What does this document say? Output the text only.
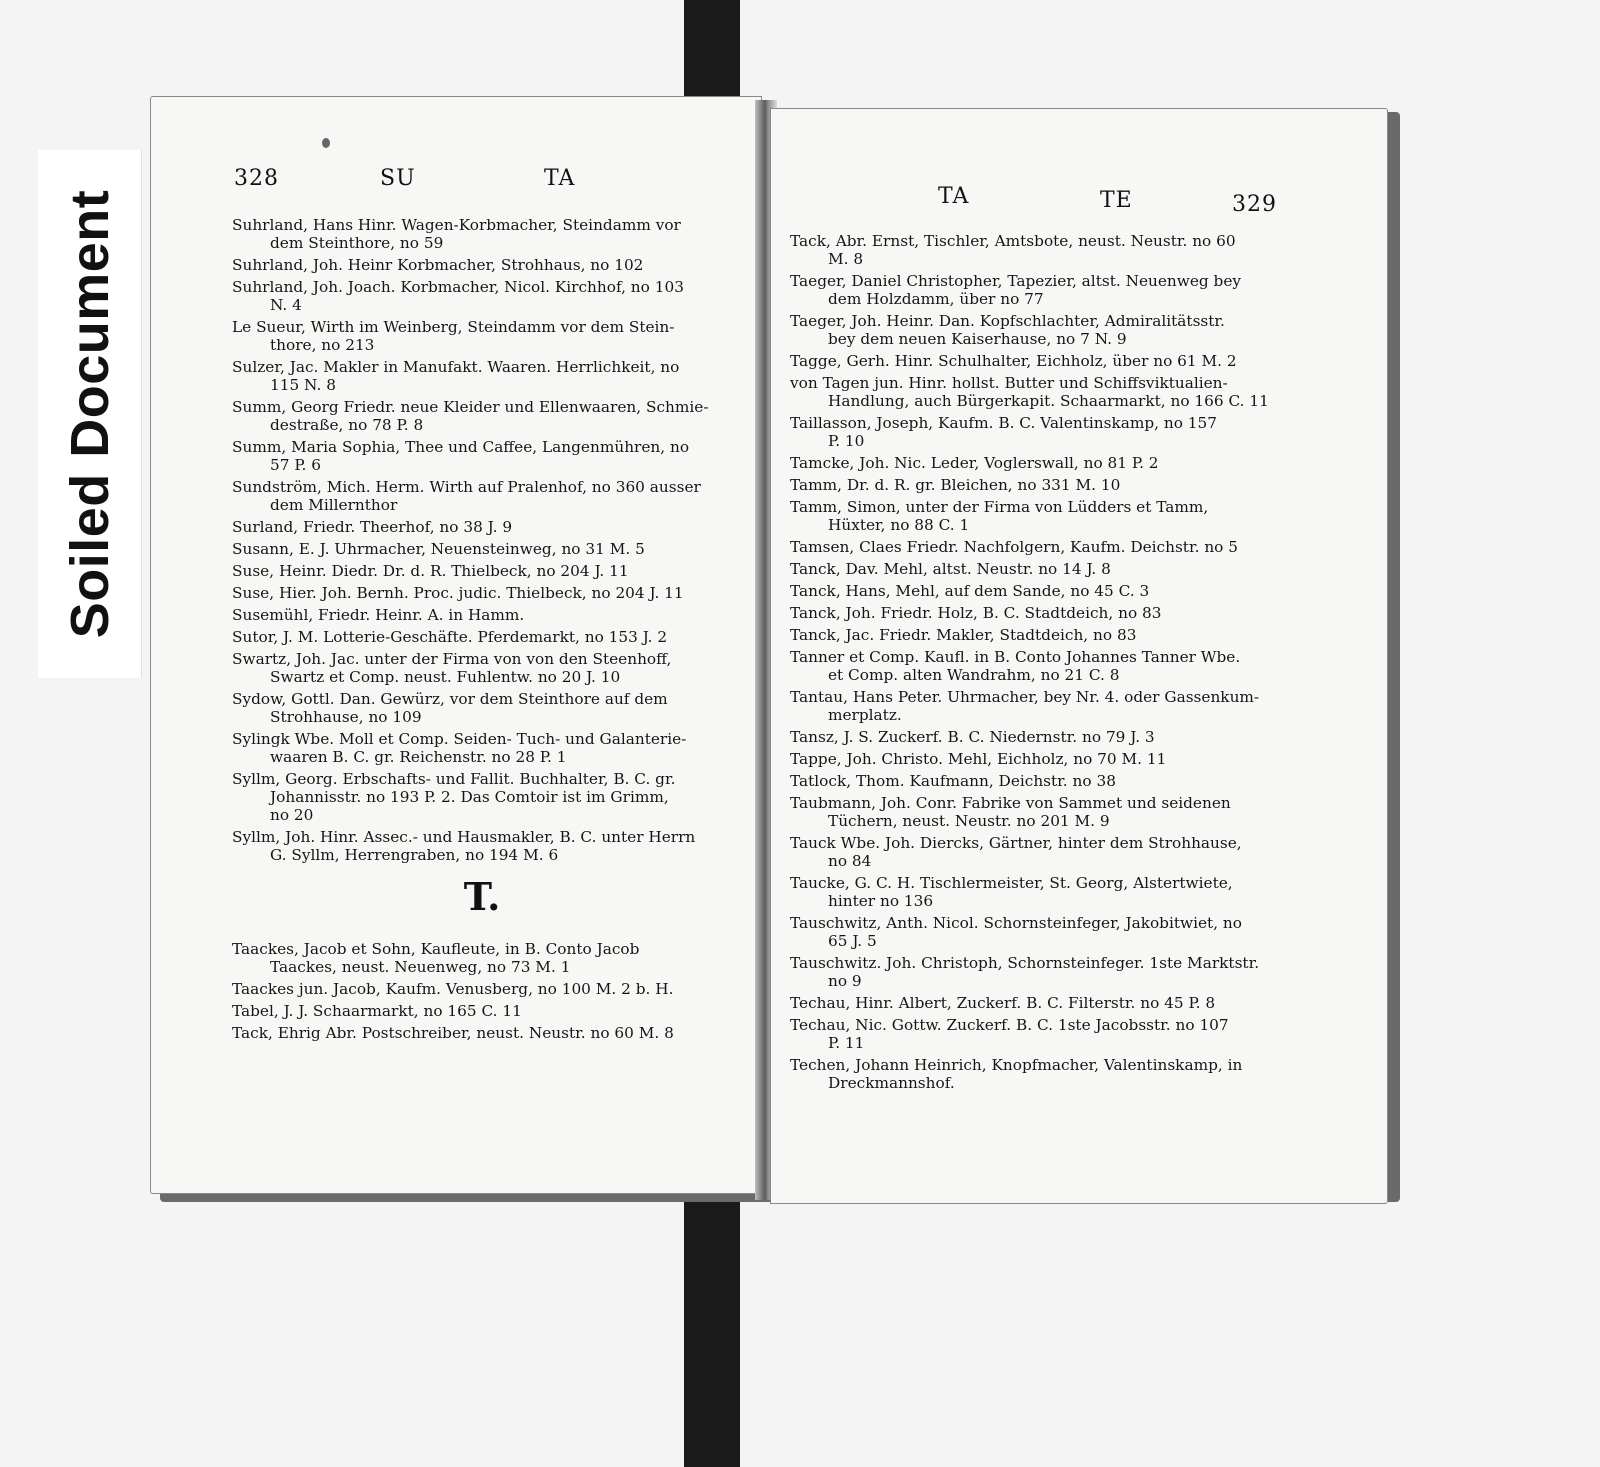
Soiled Document
328	SU	TA
Suhrland, Hans Hinr. Wagen-Korbmacher, Steindamm vor
dem Steinthore, no 59
Suhrland, Joh. Heinr Korbmacher, Strohhaus, no 102
Suhrland, Joh. Joach. Korbmacher, Nicol. Kirchhof, no 103
N. 4
Le Sueur, Wirth im Weinberg, Steindamm vor dem Stein-
thore, no 213
Sulzer, Jac. Makler in Manufakt. Waaren. Herrlichkeit, no
115 N. 8
Summ, Georg Friedr. neue Kleider und Ellenwaaren, Schmie-
destraße, no 78 P. 8
Summ, Maria Sophia, Thee und Caffee, Langenmühren, no
57 P. 6
Sundström, Mich. Herm. Wirth auf Pralenhof, no 360 ausser
dem Millernthor
Surland, Friedr. Theerhof, no 38 J. 9
Susann, E. J. Uhrmacher, Neuensteinweg, no 31 M. 5
Suse, Heinr. Diedr. Dr. d. R. Thielbeck, no 204 J. 11
Suse, Hier. Joh. Bernh. Proc. judic. Thielbeck, no 204 J. 11
Susemühl, Friedr. Heinr. A. in Hamm.
Sutor, J. M. Lotterie-Geschäfte. Pferdemarkt, no 153 J. 2
Swartz, Joh. Jac. unter der Firma von von den Steenhoff,
Swartz et Comp. neust. Fuhlentw. no 20 J. 10
Sydow, Gottl. Dan. Gewürz, vor dem Steinthore auf dem
Strohhause, no 109
Sylingk Wbe. Moll et Comp. Seiden- Tuch- und Galanterie-
waaren B. C. gr. Reichenstr. no 28 P. 1
Syllm, Georg. Erbschafts- und Fallit. Buchhalter, B. C. gr.
Johannisstr. no 193 P. 2. Das Comtoir ist im Grimm,
no 20
Syllm, Joh. Hinr. Assec.- und Hausmakler, B. C. unter Herrn
G. Syllm, Herrengraben, no 194 M. 6
T.
Taackes, Jacob et Sohn, Kaufleute, in B. Conto Jacob
Taackes, neust. Neuenweg, no 73 M. 1
Taackes jun. Jacob, Kaufm. Venusberg, no 100 M. 2 b. H.
Tabel, J. J. Schaarmarkt, no 165 C. 11
Tack, Ehrig Abr. Postschreiber, neust. Neustr. no 60 M. 8
TA	TE	329
Tack, Abr. Ernst, Tischler, Amtsbote, neust. Neustr. no 60
M. 8
Taeger, Daniel Christopher, Tapezier, altst. Neuenweg bey
dem Holzdamm, über no 77
Taeger, Joh. Heinr. Dan. Kopfschlachter, Admiralitätsstr.
bey dem neuen Kaiserhause, no 7 N. 9
Tagge, Gerh. Hinr. Schulhalter, Eichholz, über no 61 M. 2
von Tagen jun. Hinr. hollst. Butter und Schiffsviktualien-
Handlung, auch Bürgerkapit. Schaarmarkt, no 166 C. 11
Taillasson, Joseph, Kaufm. B. C. Valentinskamp, no 157
P. 10
Tamcke, Joh. Nic. Leder, Voglerswall, no 81 P. 2
Tamm, Dr. d. R. gr. Bleichen, no 331 M. 10
Tamm, Simon, unter der Firma von Lüdders et Tamm,
Hüxter, no 88 C. 1
Tamsen, Claes Friedr. Nachfolgern, Kaufm. Deichstr. no 5
Tanck, Dav. Mehl, altst. Neustr. no 14 J. 8
Tanck, Hans, Mehl, auf dem Sande, no 45 C. 3
Tanck, Joh. Friedr. Holz, B. C. Stadtdeich, no 83
Tanck, Jac. Friedr. Makler, Stadtdeich, no 83
Tanner et Comp. Kaufl. in B. Conto Johannes Tanner Wbe.
et Comp. alten Wandrahm, no 21 C. 8
Tantau, Hans Peter. Uhrmacher, bey Nr. 4. oder Gassenkum-
merplatz.
Tansz, J. S. Zuckerf. B. C. Niedernstr. no 79 J. 3
Tappe, Joh. Christo. Mehl, Eichholz, no 70 M. 11
Tatlock, Thom. Kaufmann, Deichstr. no 38
Taubmann, Joh. Conr. Fabrike von Sammet und seidenen
Tüchern, neust. Neustr. no 201 M. 9
Tauck Wbe. Joh. Diercks, Gärtner, hinter dem Strohhause,
no 84
Taucke, G. C. H. Tischlermeister, St. Georg, Alstertwiete,
hinter no 136
Tauschwitz, Anth. Nicol. Schornsteinfeger, Jakobitwiet, no
65 J. 5
Tauschwitz. Joh. Christoph, Schornsteinfeger. 1ste Marktstr.
no 9
Techau, Hinr. Albert, Zuckerf. B. C. Filterstr. no 45 P. 8
Techau, Nic. Gottw. Zuckerf. B. C. 1ste Jacobsstr. no 107
P. 11
Techen, Johann Heinrich, Knopfmacher, Valentinskamp, in
Dreckmannshof.
